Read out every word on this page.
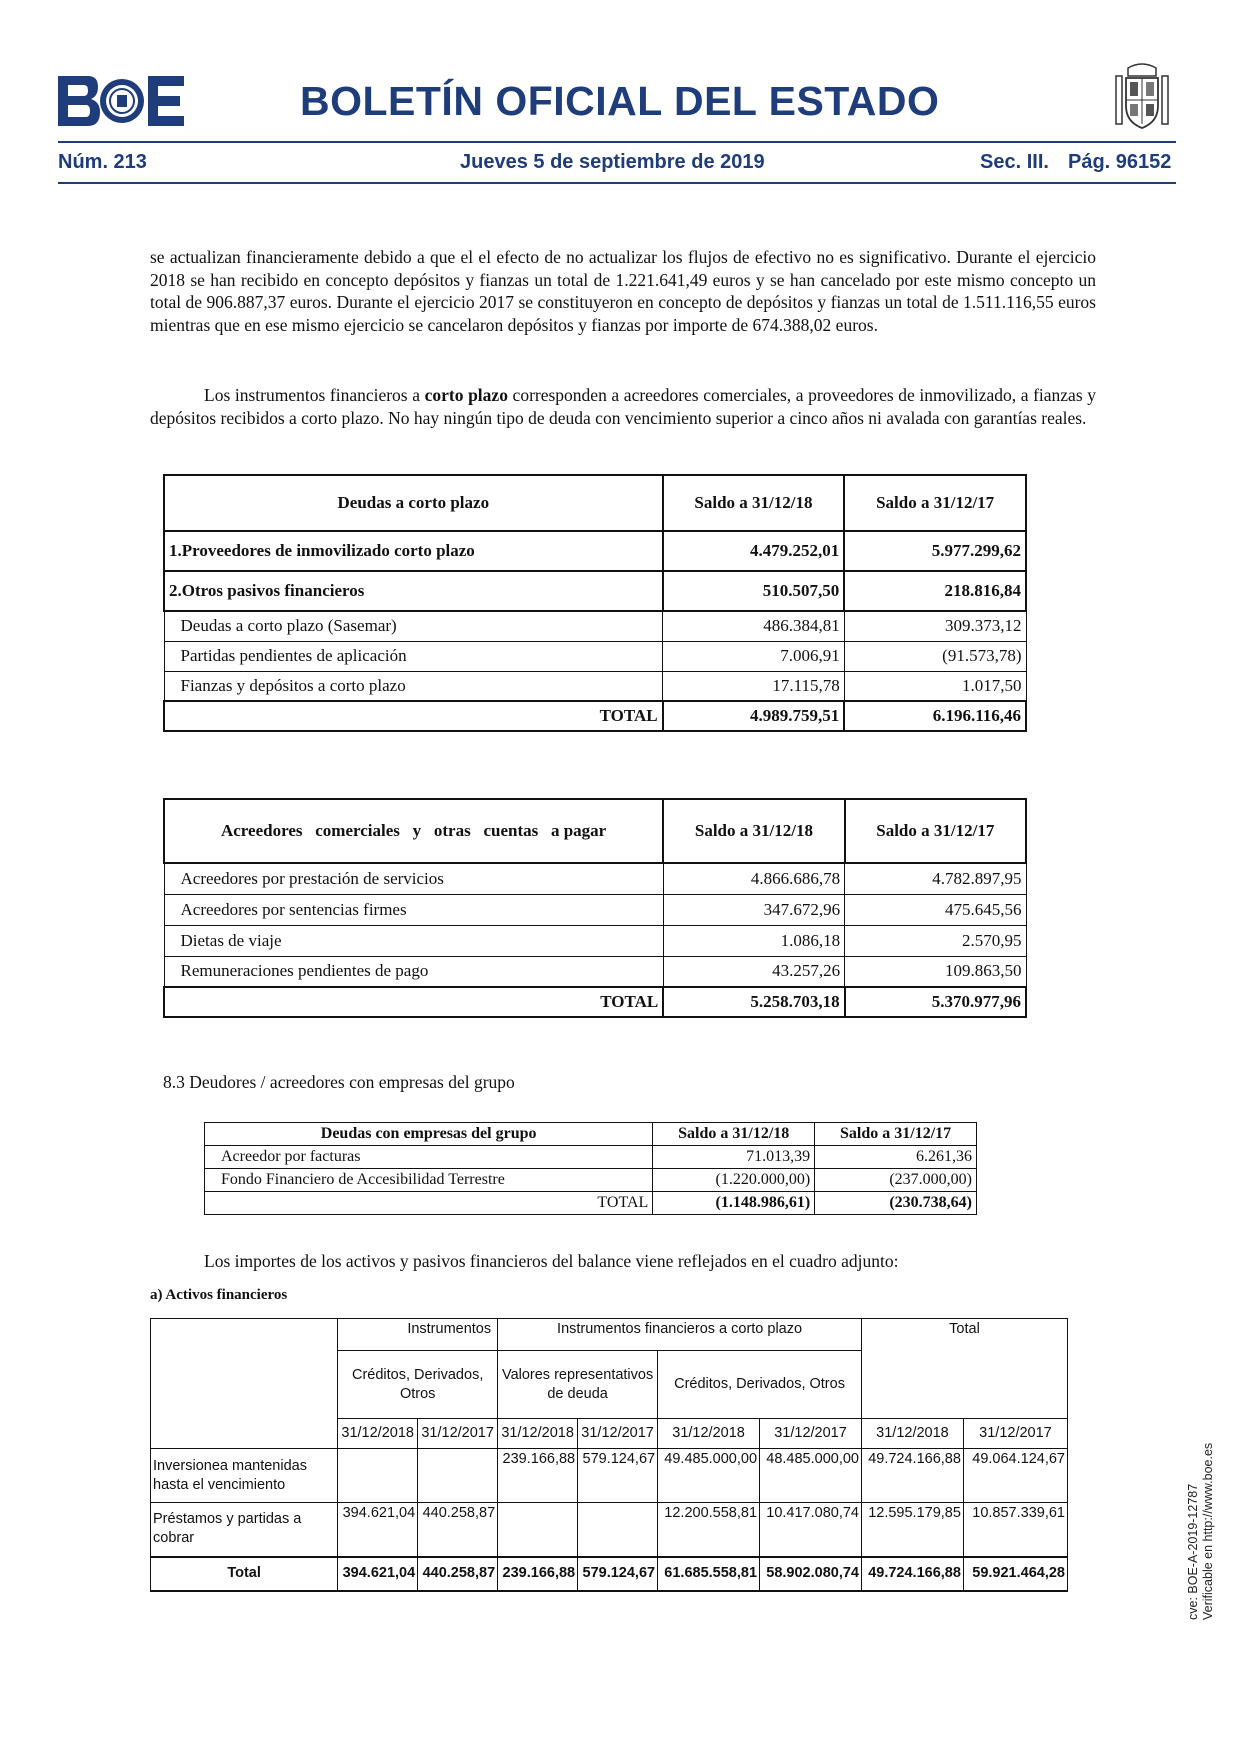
BOLETÍN OFICIAL DEL ESTADO
Núm. 213	Jueves 5 de septiembre de 2019	Sec. III. Pág. 96152
se actualizan financieramente debido a que el el efecto de no actualizar los flujos de efectivo no es significativo. Durante el ejercicio 2018 se han recibido en concepto depósitos y fianzas un total de 1.221.641,49 euros y se han cancelado por este mismo concepto un total de 906.887,37 euros. Durante el ejercicio 2017 se constituyeron en concepto de depósitos y fianzas un total de 1.511.116,55 euros mientras que en ese mismo ejercicio se cancelaron depósitos y fianzas por importe de 674.388,02 euros.
Los instrumentos financieros a corto plazo corresponden a acreedores comerciales, a proveedores de inmovilizado, a fianzas y depósitos recibidos a corto plazo. No hay ningún tipo de deuda con vencimiento superior a cinco años ni avalada con garantías reales.
Deudas a corto plazo	Saldo a 31/12/18	Saldo a 31/12/17
1.Proveedores de inmovilizado corto plazo	4.479.252,01	5.977.299,62
2.Otros pasivos financieros	510.507,50	218.816,84
Deudas a corto plazo (Sasemar)	486.384,81	309.373,12
Partidas pendientes de aplicación	7.006,91	(91.573,78)
Fianzas y depósitos a corto plazo	17.115,78	1.017,50
TOTAL	4.989.759,51	6.196.116,46
Acreedores   comerciales   y   otras   cuentas   a pagar	Saldo a 31/12/18	Saldo a 31/12/17
Acreedores por prestación de servicios	4.866.686,78	4.782.897,95
Acreedores por sentencias firmes	347.672,96	475.645,56
Dietas de viaje	1.086,18	2.570,95
Remuneraciones pendientes de pago	43.257,26	109.863,50
TOTAL	5.258.703,18	5.370.977,96
8.3 Deudores / acreedores con empresas del grupo
Deudas con empresas del grupo	Saldo a 31/12/18	Saldo a 31/12/17
Acreedor por facturas	71.013,39	6.261,36
Fondo Financiero de Accesibilidad Terrestre	(1.220.000,00)	(237.000,00)
TOTAL	(1.148.986,61)	(230.738,64)
Los importes de los activos y pasivos financieros del balance viene reflejados en el cuadro adjunto:
a) Activos financieros
	Instrumentos		Instrumentos financieros a corto plazo				Total	
	Créditos, Derivados, Otros		Valores representativos de deuda		Créditos, Derivados, Otros			
	31/12/2018	31/12/2017	31/12/2018	31/12/2017	31/12/2018	31/12/2017	31/12/2018	31/12/2017
Inversionea mantenidas hasta el vencimiento			239.166,88	579.124,67	49.485.000,00	48.485.000,00	49.724.166,88	49.064.124,67
Préstamos y partidas a cobrar	394.621,04	440.258,87			12.200.558,81	10.417.080,74	12.595.179,85	10.857.339,61
Total	394.621,04	440.258,87	239.166,88	579.124,67	61.685.558,81	58.902.080,74	49.724.166,88	59.921.464,28	cve: BOE-A-2019-12787 Verificable en http://www.boe.es
